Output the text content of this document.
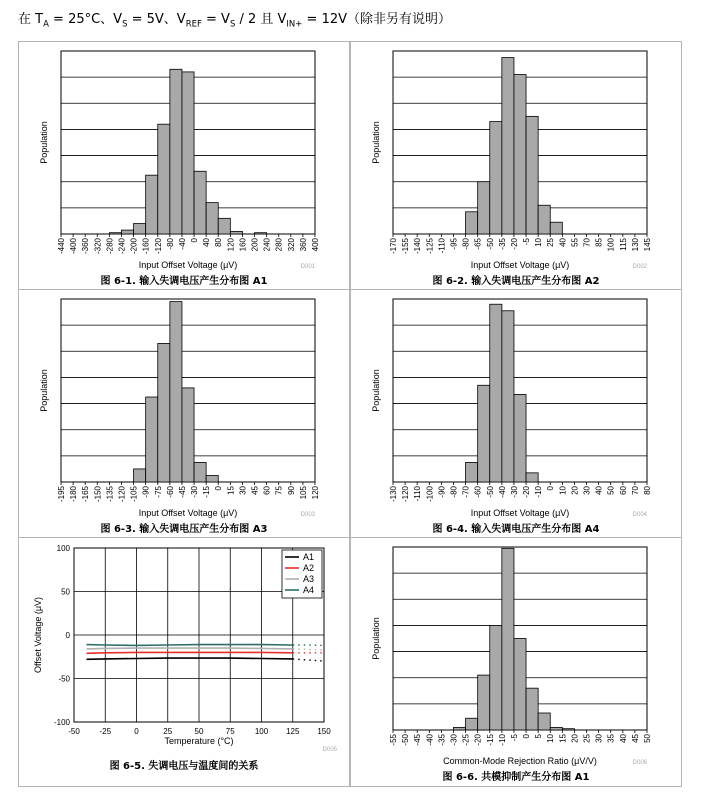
在 $T_A = 25^\circ C$、$V_S = 5V$、$V_{REF} = V_S / 2$ 且 $V_{IN+} = 12V$（除非另有说明）
-440 -400 -360 -320 -280 -240 -200 -160 -120 -80 -40 0 40 80 120 160 200 240 280 320 360 400
Input Offset Voltage (μV)
Population
D001
图 6-1. 输入失调电压产生分布图 A1
-170 -155 -140 -125 -110 -95 -80 -65 -50 -35 -20 -5 10 25 40 55 70 85 100 115 130 145
Input Offset Voltage (μV)
Population
D002
图 6-2. 输入失调电压产生分布图 A2
-195 -180 -165 -150 -135 -120 -105 -90 -75 -60 -45 -30 -15 0 15 30 45 60 75 90 105 120
Input Offset Voltage (μV)
Population
D003
图 6-3. 输入失调电压产生分布图 A3
-130 -120 -110 -100 -90 -80 -70 -60 -50 -40 -30 -20 -10 0 10 20 30 40 50 60 70 80
Input Offset Voltage (μV)
Population
D004
图 6-4. 输入失调电压产生分布图 A4
-50 -25	0	25	50	75	100 125 150
100
50
0
-50
-100
A1
A2
A3
A4
Temperature (°C)
Offset Voltage (μV)
D005
图 6-5. 失调电压与温度间的关系
-55 -50 -45 -40 -35 -30 -25 -20 -15 -10 -5 0 5 10 15 20 25 30 35 40 45 50
Common-Mode Rejection Ratio (μV/V)
Population
D006
图 6-6. 共模抑制产生分布图 A1
